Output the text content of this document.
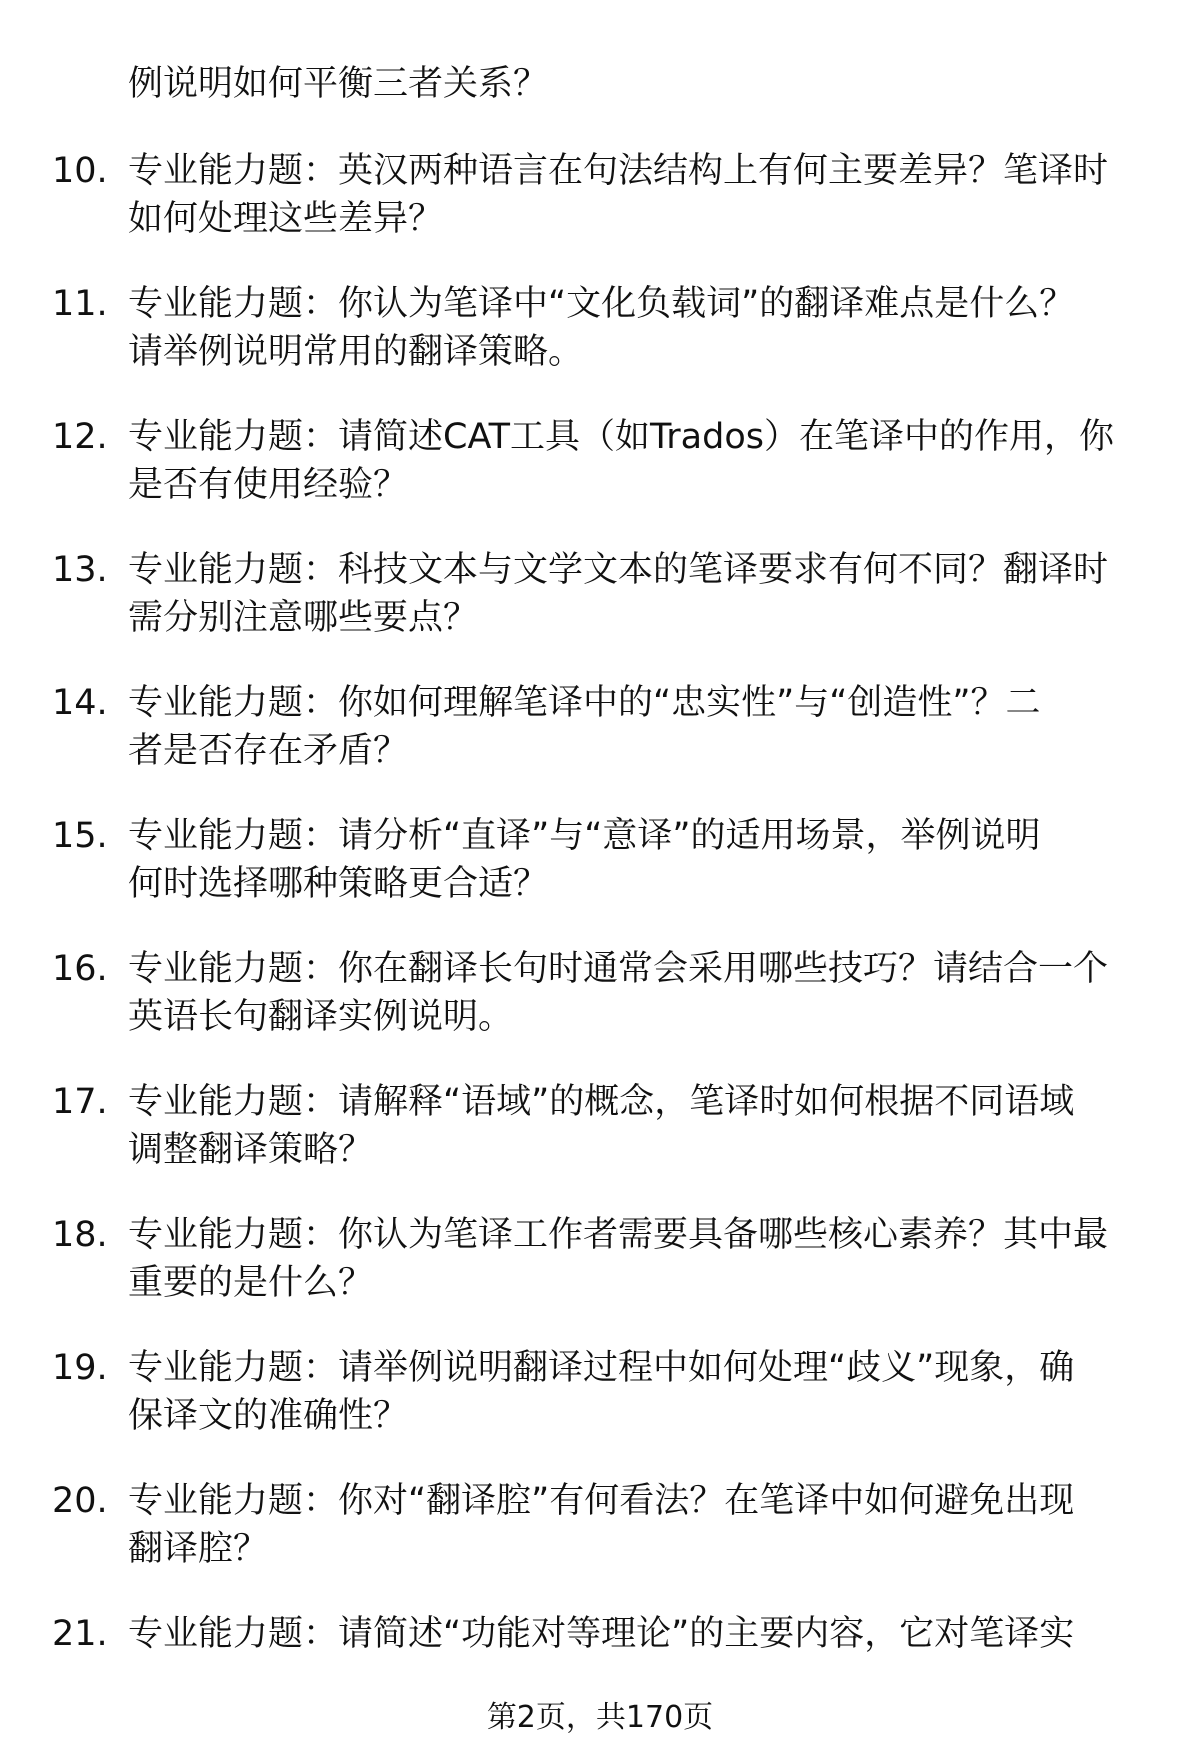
例说明如何平衡三者关系？
10. 专业能力题：英汉两种语言在句法结构上有何主要差异？笔译时
如何处理这些差异？
11. 专业能力题：你认为笔译中“文化负载词”的翻译难点是什么？
请举例说明常用的翻译策略。
12. 专业能力题：请简述CAT工具（如Trados）在笔译中的作用，你
是否有使用经验？
13. 专业能力题：科技文本与文学文本的笔译要求有何不同？翻译时
需分别注意哪些要点？
14. 专业能力题：你如何理解笔译中的“忠实性”与“创造性”？二
者是否存在矛盾？
15. 专业能力题：请分析“直译”与“意译”的适用场景，举例说明
何时选择哪种策略更合适？
16. 专业能力题：你在翻译长句时通常会采用哪些技巧？请结合一个
英语长句翻译实例说明。
17. 专业能力题：请解释“语域”的概念，笔译时如何根据不同语域
调整翻译策略？
18. 专业能力题：你认为笔译工作者需要具备哪些核心素养？其中最
重要的是什么？
19. 专业能力题：请举例说明翻译过程中如何处理“歧义”现象，确
保译文的准确性？
20. 专业能力题：你对“翻译腔”有何看法？在笔译中如何避免出现
翻译腔？
21. 专业能力题：请简述“功能对等理论”的主要内容，它对笔译实
第2页，共170页
